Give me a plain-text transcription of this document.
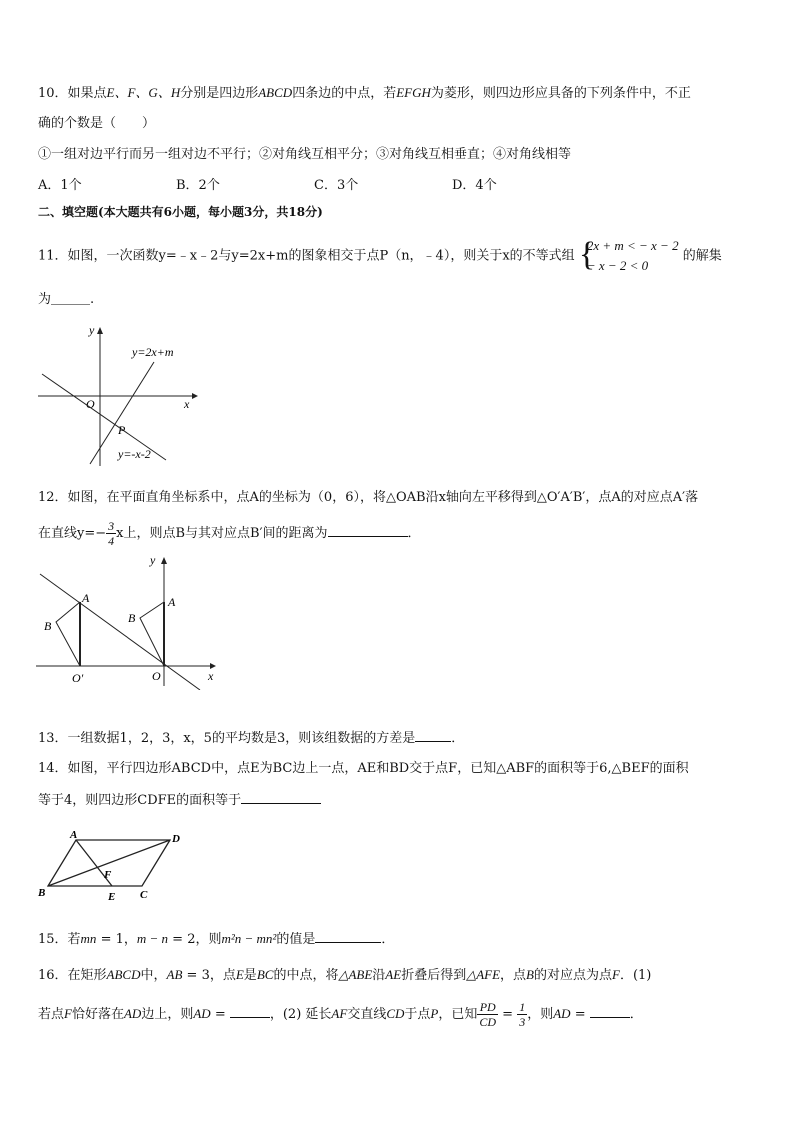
10．如果点E、F、G、H分别是四边形ABCD四条边的中点，若EFGH为菱形，则四边形应具备的下列条件中，不正
确的个数是（　　）
①一组对边平行而另一组对边不平行；②对角线互相平分；③对角线互相垂直；④对角线相等
A．1个	B．2个	C．3个	D．4个
二、填空题(本大题共有6小题，每小题3分，共18分)
11．如图，一次函数y=﹣x﹣2与y=2x+m的图象相交于点P（n，﹣4），则关于x的不等式组 {
2x + m < − x − 2
− x − 2 < 0
的解集
为＿＿＿.
y
x
O
y=2x+m
y=-x-2
P
12．如图，在平面直角坐标系中，点A的坐标为（0，6），将△OAB沿x轴向左平移得到△O′A′B′，点A的对应点A′落
在直线$y=- \frac{3}{4}$ x上，则点B与其对应点B′间的距离为	．
y
x
A
B
O
A
B
O′
13．一组数据1，2，3，x，5的平均数是3，则该组数据的方差是	．
14．如图，平行四边形ABCD中，点E为BC边上一点，AE和BD交于点F，已知△ABF的面积等于6,△BEF的面积
等于4，则四边形CDFE的面积等于
A	D
B	C
E
F
15．若mn = 1，m − n = 2，则m²n − mn²的值是	．
16．在矩形ABCD中，AB = 3，点E是BC的中点，将△ABE沿AE折叠后得到△AFE，点B的对应点为点F．(1)
若点F恰好落在AD边上，则AD =	，(2) 延长AF交直线CD于点P，已知 $\frac{PD}{CD} = \frac{1}{3}$ ，则AD =	．
